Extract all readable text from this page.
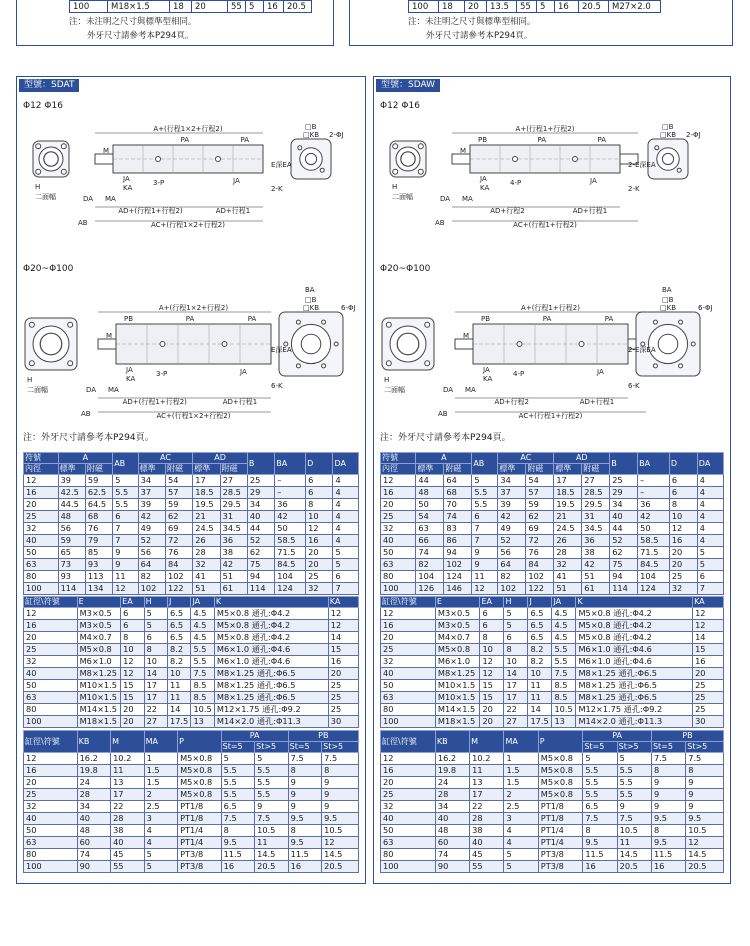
100	M18×1.5	18	20	55	5	16	20.5
注：未注明之尺寸與標準型相同。
外牙尺寸請參考本P294頁。
100	18	20	13.5	55	5	16	20.5	M27×2.0
注：未注明之尺寸與標準型相同。
外牙尺寸請參考本P294頁。
型號：SDAT
Φ12 Φ16
A+(行程1×2+行程2)
PA	PA
H
二面幅
M
JA
KA
3-P	JA
DA MA
AD+(行程1+行程2)	AD+行程1
AC+(行程1×2+行程2)
AB
E深EA
2-K
2-ΦJ
□B
□KB
Φ20~Φ100
A+(行程1×2+行程2)
PB	PA	PA
H
二面幅
M
JA
KA
3-P	JA
DA MA
AD+(行程1+行程2)	AD+行程1
AC+(行程1×2+行程2)
AB
E深EA
6-K
6-ΦJ
□B
□KB
BA
注：外牙尺寸請參考本P294頁。
符號	A		AB	AC		AD		B	BA	D	DA
內徑	標準	附磁		標準	附磁	標準	附磁				
12	39	59	5	34	54	17	27	25	–	6	4
16	42.5	62.5	5.5	37	57	18.5	28.5	29	–	6	4
20	44.5	64.5	5.5	39	59	19.5	29.5	34	36	8	4
25	48	68	6	42	62	21	31	40	42	10	4
32	56	76	7	49	69	24.5	34.5	44	50	12	4
40	59	79	7	52	72	26	36	52	58.5	16	4
50	65	85	9	56	76	28	38	62	71.5	20	5
63	73	93	9	64	84	32	42	75	84.5	20	5
80	93	113	11	82	102	41	51	94	104	25	6
100	114	134	12	102	122	51	61	114	124	32	7
缸徑\符號	E	EA	H	J	JA	K	KA
12	M3×0.5	6	5	6.5	4.5	M5×0.8 通孔:Φ4.2	12
16	M3×0.5	6	5	6.5	4.5	M5×0.8 通孔:Φ4.2	12
20	M4×0.7	8	6	6.5	4.5	M5×0.8 通孔:Φ4.2	14
25	M5×0.8	10	8	8.2	5.5	M6×1.0 通孔:Φ4.6	15
32	M6×1.0	12	10	8.2	5.5	M6×1.0 通孔:Φ4.6	16
40	M8×1.25	12	14	10	7.5	M8×1.25 通孔:Φ6.5	20
50	M10×1.5	15	17	11	8.5	M8×1.25 通孔:Φ6.5	25
63	M10×1.5	15	17	11	8.5	M8×1.25 通孔:Φ6.5	25
80	M14×1.5	20	22	14	10.5	M12×1.75 通孔:Φ9.2	25
100	M18×1.5	20	27	17.5	13	M14×2.0 通孔:Φ11.3	30
缸徑\符號	KB	M	MA	P	PA		PB	
					St=5	St>5	St=5	St>5
12	16.2	10.2	1	M5×0.8	5	5	7.5	7.5
16	19.8	11	1.5	M5×0.8	5.5	5.5	8	8
20	24	13	1.5	M5×0.8	5.5	5.5	9	9
25	28	17	2	M5×0.8	5.5	5.5	9	9
32	34	22	2.5	PT1/8	6.5	9	9	9
40	40	28	3	PT1/8	7.5	7.5	9.5	9.5
50	48	38	4	PT1/4	8	10.5	8	10.5
63	60	40	4	PT1/4	9.5	11	9.5	12
80	74	45	5	PT3/8	11.5	14.5	11.5	14.5
100	90	55	5	PT3/8	16	20.5	16	20.5
型號：SDAW
Φ12 Φ16
A+(行程1+行程2)
PB	PA	PA
H
二面幅
M
JA
KA
4-P	JA
DA MA
AD+行程2	AD+行程1
AC+(行程1+行程2)
AB
2-E深EA
2-K
2-ΦJ
□B
□KB
Φ20~Φ100
A+(行程1+行程2)
PB	PA	PA
H
二面幅
M
JA
KA
4-P	JA
DA MA
AD+行程2	AD+行程1
AC+(行程1+行程2)
AB
2-E深EA
6-K
6-ΦJ
□B
□KB
BA
注：外牙尺寸請參考本P294頁。
符號	A		AB	AC		AD		B	BA	D	DA
內徑	標準	附磁		標準	附磁	標準	附磁				
12	44	64	5	34	54	17	27	25	–	6	4
16	48	68	5.5	37	57	18.5	28.5	29	–	6	4
20	50	70	5.5	39	59	19.5	29.5	34	36	8	4
25	54	74	6	42	62	21	31	40	42	10	4
32	63	83	7	49	69	24.5	34.5	44	50	12	4
40	66	86	7	52	72	26	36	52	58.5	16	4
50	74	94	9	56	76	28	38	62	71.5	20	5
63	82	102	9	64	84	32	42	75	84.5	20	5
80	104	124	11	82	102	41	51	94	104	25	6
100	126	146	12	102	122	51	61	114	124	32	7
缸徑\符號	E	EA	H	J	JA	K	KA
12	M3×0.5	6	5	6.5	4.5	M5×0.8 通孔:Φ4.2	12
16	M3×0.5	6	5	6.5	4.5	M5×0.8 通孔:Φ4.2	12
20	M4×0.7	8	6	6.5	4.5	M5×0.8 通孔:Φ4.2	14
25	M5×0.8	10	8	8.2	5.5	M6×1.0 通孔:Φ4.6	15
32	M6×1.0	12	10	8.2	5.5	M6×1.0 通孔:Φ4.6	16
40	M8×1.25	12	14	10	7.5	M8×1.25 通孔:Φ6.5	20
50	M10×1.5	15	17	11	8.5	M8×1.25 通孔:Φ6.5	25
63	M10×1.5	15	17	11	8.5	M8×1.25 通孔:Φ6.5	25
80	M14×1.5	20	22	14	10.5	M12×1.75 通孔:Φ9.2	25
100	M18×1.5	20	27	17.5	13	M14×2.0 通孔:Φ11.3	30
缸徑\符號	KB	M	MA	P	PA		PB	
					St=5	St>5	St=5	St>5
12	16.2	10.2	1	M5×0.8	5	5	7.5	7.5
16	19.8	11	1.5	M5×0.8	5.5	5.5	8	8
20	24	13	1.5	M5×0.8	5.5	5.5	9	9
25	28	17	2	M5×0.8	5.5	5.5	9	9
32	34	22	2.5	PT1/8	6.5	9	9	9
40	40	28	3	PT1/8	7.5	7.5	9.5	9.5
50	48	38	4	PT1/4	8	10.5	8	10.5
63	60	40	4	PT1/4	9.5	11	9.5	12
80	74	45	5	PT3/8	11.5	14.5	11.5	14.5
100	90	55	5	PT3/8	16	20.5	16	20.5
